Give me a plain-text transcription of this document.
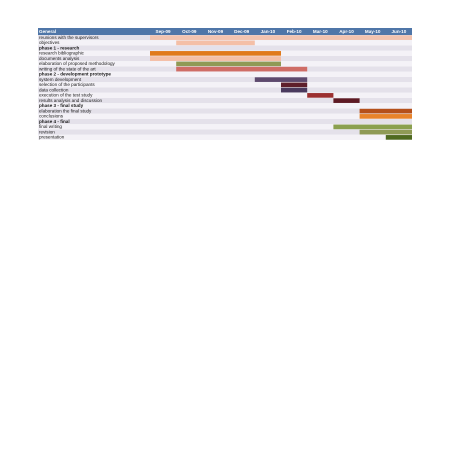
General	Sep-09	Oct-09 Nov-09 Dec-09 Jan-10	Feb-10 Mar-10	Apr-10 May-10 Jun-10
reunions with the supervisors
objectives
phase 1 - research
research bibliographic
documents analysis
elaboration of proposed methodology
writing of the state of the art
phase 2 - development prototype
system development
selection of the participants
data collection
execution of the test study
results analysis and discussion
phase 3 - final study
elaboration the final study
conclusions
phase 4 - final
final writing
revision
presentation
